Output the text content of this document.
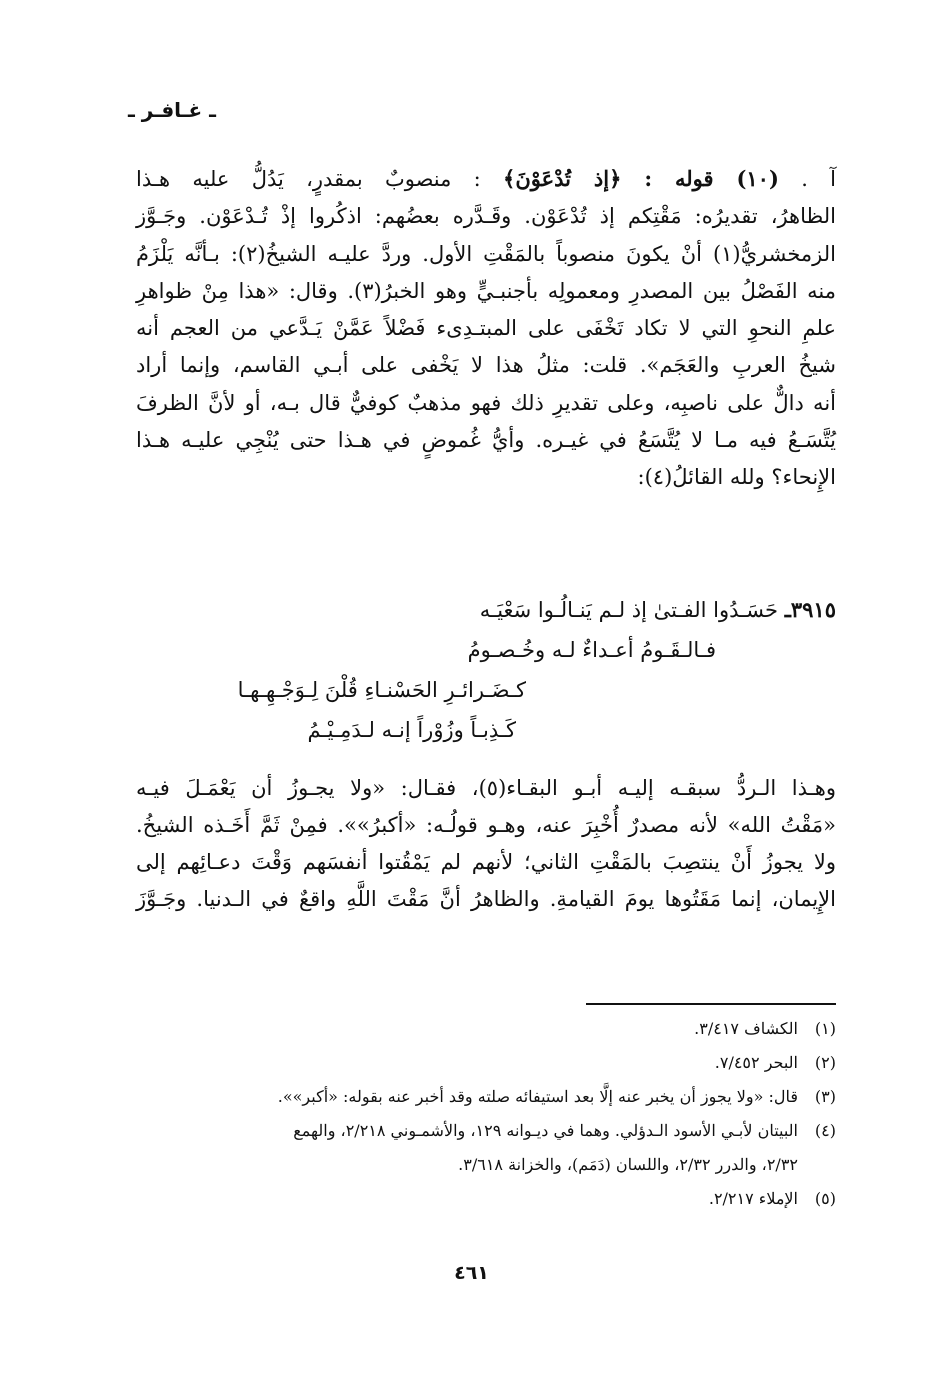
ـ غـافـر ـ
آ . (١٠) قوله : ﴿إذ تُدْعَوْنَ﴾ : منصوبٌ بمقدرٍ، يَدُلُّ عليه هـذا
الظاهرُ، تقديرُه: مَقْتِكم إذ تُدْعَوْن. وقَـدَّره بعضُهم: اذكُروا إذْ تُـدْعَوْن. وجَـوَّز
الزمخشريُّ(١) أنْ يكونَ منصوباً بالمَقْتِ الأول. وردَّ عليـه الشيخُ(٢): بـأنَّه يَلْزَمُ
منه الفَصْلُ بين المصدرِ ومعمولِه بأجنبـيٍّ وهو الخبرُ(٣). وقال: «هذا مِنْ ظواهرِ
علمِ النحوِ التي لا تكاد تَخْفَى على المبتـدِىء فَضْلاً عَمَّنْ يَـدَّعي من العجم أنه
شيخُ العربِ والعَجَم». قلت: مثلُ هذا لا يَخْفى على أبـي القاسم، وإنما أراد
أنه دالٌّ على ناصبِه، وعلى تقديرِ ذلك فهو مذهبٌ كوفيٌّ قال بـه، أو لأنَّ الظرفَ
يُتَّسَـعُ فيه مـا لا يُتَّسَعُ في غيـره. وأيُّ غُموضٍ في هـذا حتى يُنْجِي عليـه هـذا
الإِنحاء؟ ولله القائلُ(٤):
٣٩١٥ـ حَسَـدُوا الفـتىٰ إذ لـم يَنـالُـوا سَعْيَـه
فـالـقَـومُ أعـداءٌ لـه وخُـصـومُ
كـضَـرائـرِ الحَسْنـاءِ قُلْنَ لِـوَجْـهِـهـا
كَـذِبـاً وزُوْراً إنـه لـدَمِـيْـمُ
وهـذا الـردُّ سبقـه إليـه أبـو البقـاء(٥)، فقـال: «ولا يجـوزُ أن يَعْمَـلَ فيـه
«مَقْتُ الله» لأنه مصدرٌ أُخْبِرَ عنه، وهـو قولُـه: «أكبرُ»». فمِنْ ثَمَّ أَخَـذه الشيخُ.
ولا يجوزُ أَنْ ينتصِبَ بالمَقْتِ الثاني؛ لأنهم لم يَمْقُتوا أنفسَهم وَقْتَ دعـائِهم إلى
الإِيمان، إنما مَقَتُوها يومَ القيامةِ. والظاهرُ أنَّ مَقْتَ اللَّهِ واقعٌ في الـدنيا. وجَـوَّزَ
(١)الكشاف ٣/٤١٧.
(٢)البحر ٧/٤٥٢.
(٣)قال: «ولا يجوز أن يخبر عنه إلَّا بعد استيفائه صلته وقد أخبر عنه بقوله: «أكبر»».
(٤)البيتان لأبـي الأسود الـدؤلي. وهما في ديـوانه ١٢٩، والأشمـوني ٢/٢١٨، والهمع
٢/٣٢، والدرر ٢/٣٢، واللسان (دَمَم)، والخزانة ٣/٦١٨.
(٥)الإملاء ٢/٢١٧.
٤٦١
